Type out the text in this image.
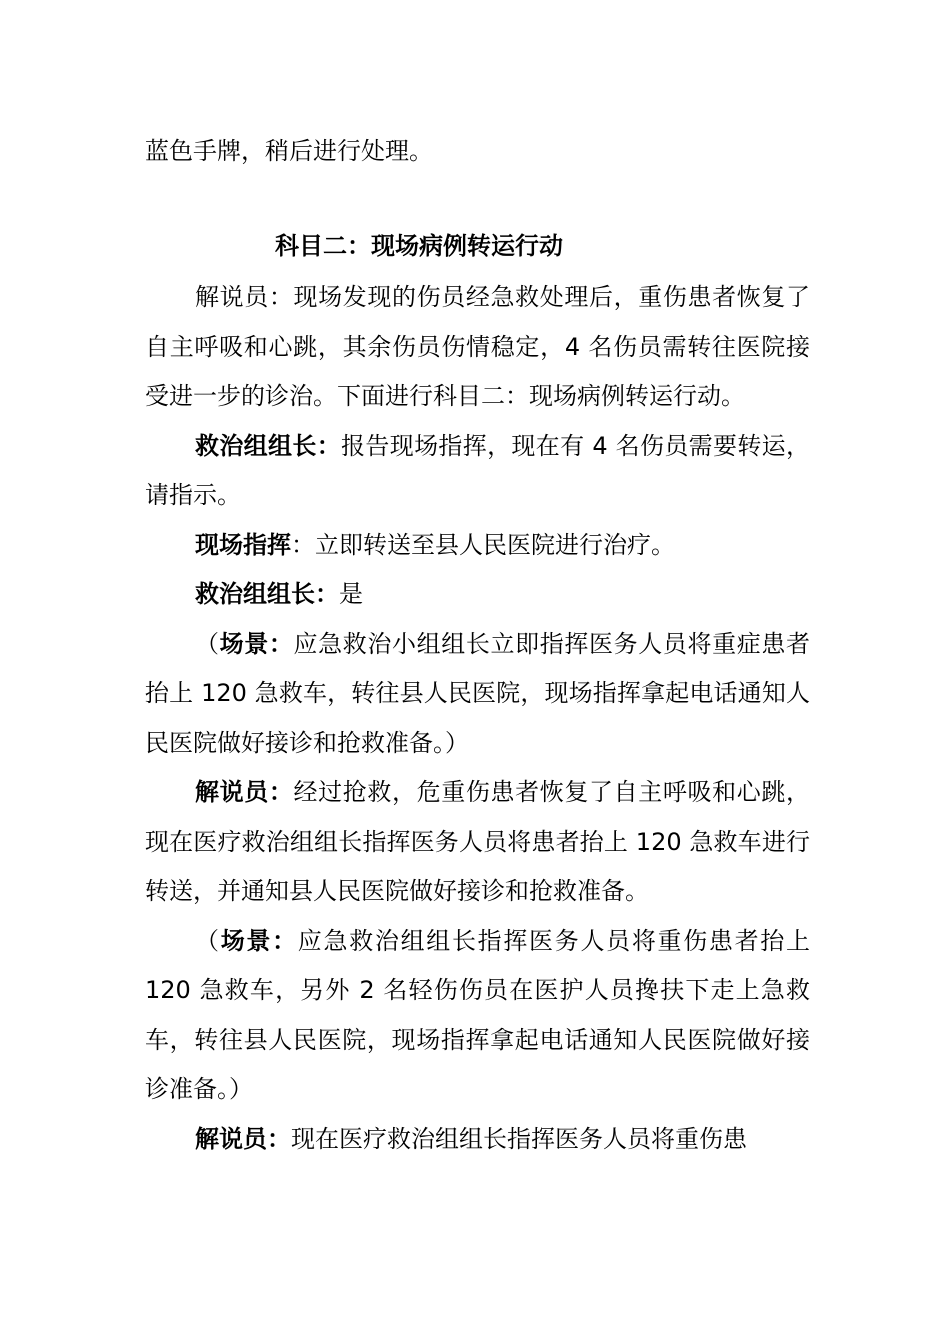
蓝色手牌，稍后进行处理。

科目二：现场病例转运行动

解说员：现场发现的伤员经急救处理后，重伤患者恢复了自主呼吸和心跳，其余伤员伤情稳定，4 名伤员需转往医院接受进一步的诊治。下面进行科目二：现场病例转运行动。

救治组组长：报告现场指挥，现在有 4 名伤员需要转运，请指示。

现场指挥：立即转送至县人民医院进行治疗。

救治组组长：是

（场景：应急救治小组组长立即指挥医务人员将重症患者抬上 120 急救车，转往县人民医院，现场指挥拿起电话通知人民医院做好接诊和抢救准备。）

解说员：经过抢救，危重伤患者恢复了自主呼吸和心跳，现在医疗救治组组长指挥医务人员将患者抬上 120 急救车进行转送，并通知县人民医院做好接诊和抢救准备。

（场景：应急救治组组长指挥医务人员将重伤患者抬上 120 急救车，另外 2 名轻伤伤员在医护人员搀扶下走上急救车，转往县人民医院，现场指挥拿起电话通知人民医院做好接诊准备。）

解说员：现在医疗救治组组长指挥医务人员将重伤患
